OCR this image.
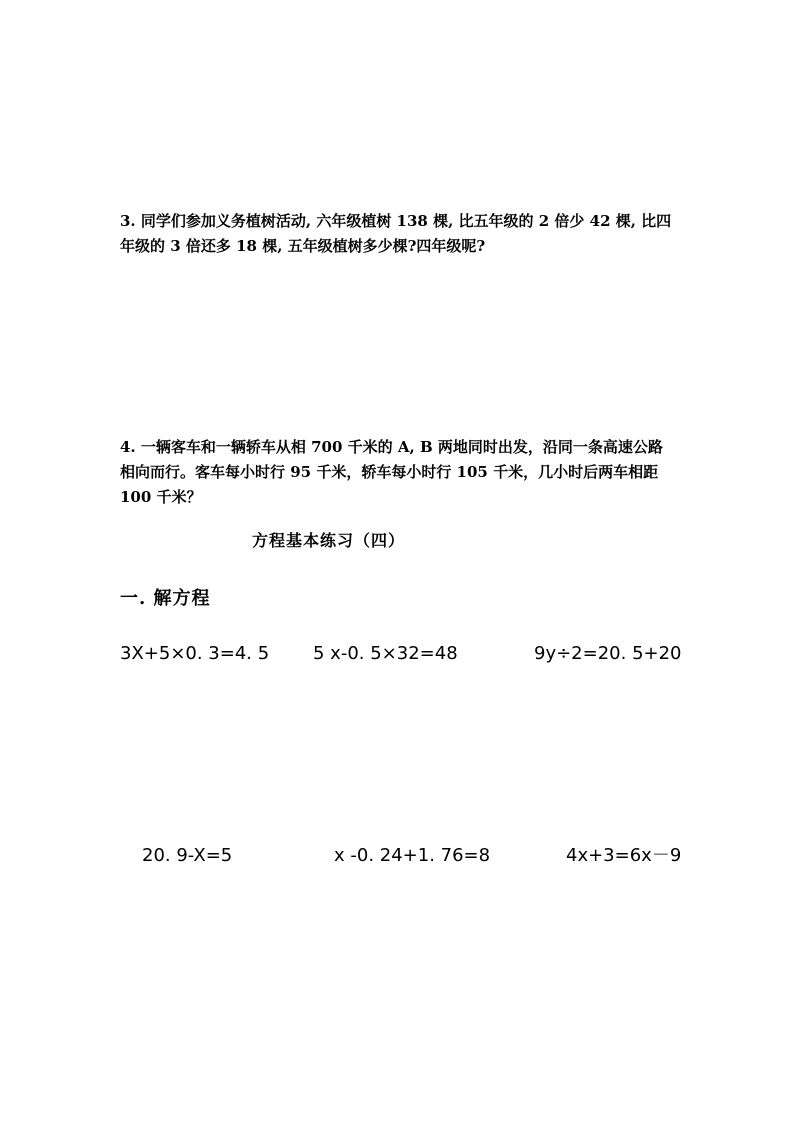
3. 同学们参加义务植树活动, 六年级植树 138 棵, 比五年级的 2 倍少 42 棵, 比四
年级的 3 倍还多 18 棵, 五年级植树多少棵?四年级呢?
4. 一辆客车和一辆轿车从相 700 千米的 A, B 两地同时出发，沿同一条高速公路
相向而行。客车每小时行 95 千米，轿车每小时行 105 千米，几小时后两车相距
100 千米？
方程基本练习（四）
一. 解方程
3X+5×0. 3=4. 5 5 x-0. 5×32=48	9y÷2=20. 5+20
20. 9-X=5	x -0. 24+1. 76=8	4x+3=6x－9
